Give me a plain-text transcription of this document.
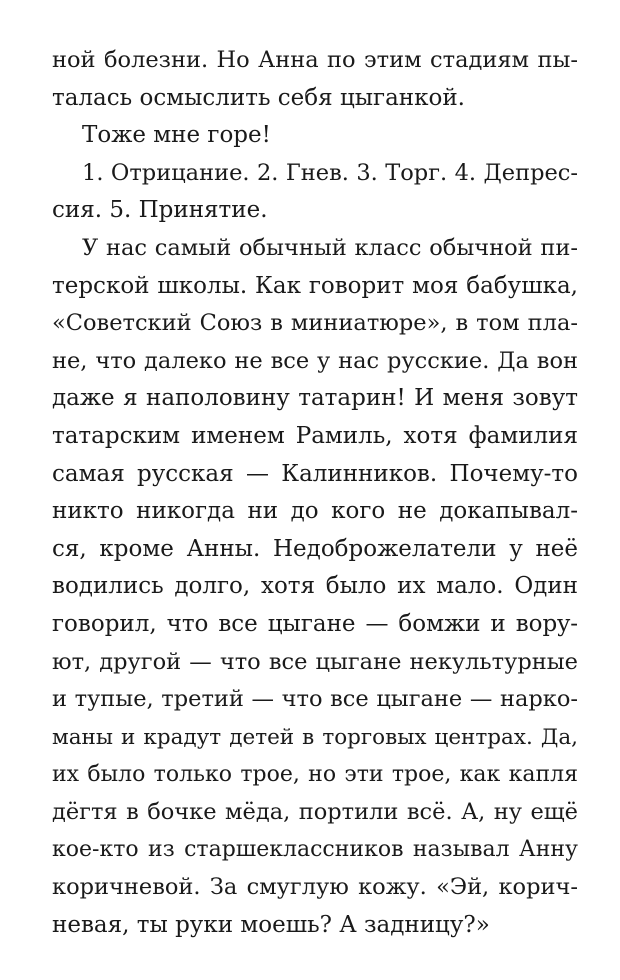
ной болезни. Но Анна по этим стадиям пы-
талась осмыслить себя цыганкой.
Тоже мне горе!
1. Отрицание. 2. Гнев. 3. Торг. 4. Депрес-
сия. 5. Принятие.
У нас самый обычный класс обычной пи-
терской школы. Как говорит моя бабушка,
«Советский Союз в миниатюре», в том пла-
не, что далеко не все у нас русские. Да вон
даже я наполовину татарин! И меня зовут
татарским именем Рамиль, хотя фамилия
самая русская — Калинников. Почему-то
никто никогда ни до кого не докапывал-
ся, кроме Анны. Недоброжелатели у неё
водились долго, хотя было их мало. Один
говорил, что все цыгане — бомжи и ворy-
ют, другой — что все цыгане некультурные
и тупые, третий — что все цыгане — нарко-
маны и крадут детей в торговых центрах. Да,
их было только трое, но эти трое, как капля
дёгтя в бочке мёда, портили всё. А, ну ещё
кое-кто из старшеклассников называл Анну
коричневой. За смуглую кожу. «Эй, корич-
невая, ты руки моешь? А задницу?»
